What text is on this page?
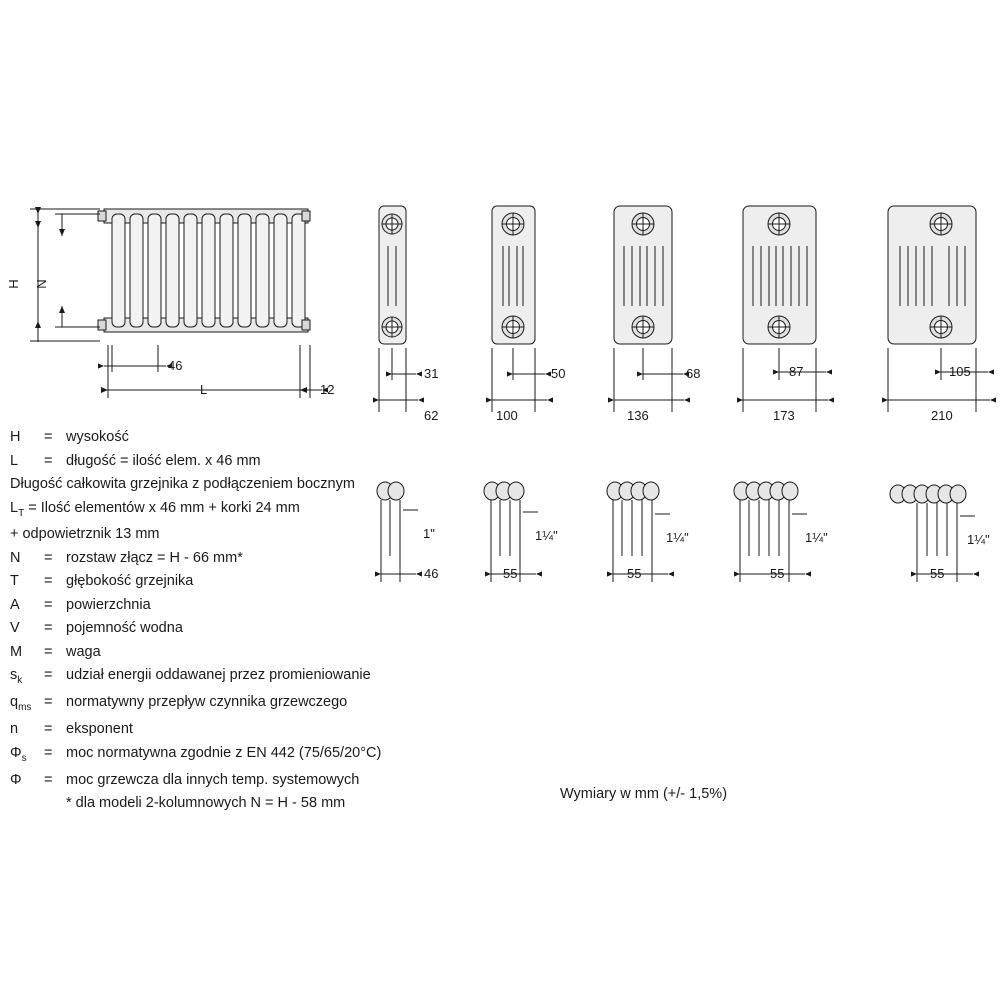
H N
46
L	12
31
62
50
100
68
136
87
173
105
210
1"
46
1¼"
55
1¼"
55
1¼"
55
1¼"
55
H	= wysokość
L	= długość = ilość elem. x 46 mm
Długość całkowita grzejnika z podłączeniem bocznym
$L_T$ = Ilość elementów x 46 mm + korki 24 mm
+ odpowietrznik 13 mm
N	= rozstaw złącz = H - 66 mm*
T	= głębokość grzejnika
A	= powierzchnia
V	= pojemność wodna
M	= waga
$s_k$	= udział energii oddawanej przez promieniowanie
$q_{ms}$ = normatywny przepływ czynnika grzewczego
n	= eksponent
$\Phi_s$	= moc normatywna zgodnie z EN 442 (75/65/20°C)
Φ	= moc grzewcza dla innych temp. systemowych
* dla modeli 2-kolumnowych N = H - 58 mm
Wymiary w mm (+/- 1,5%)
